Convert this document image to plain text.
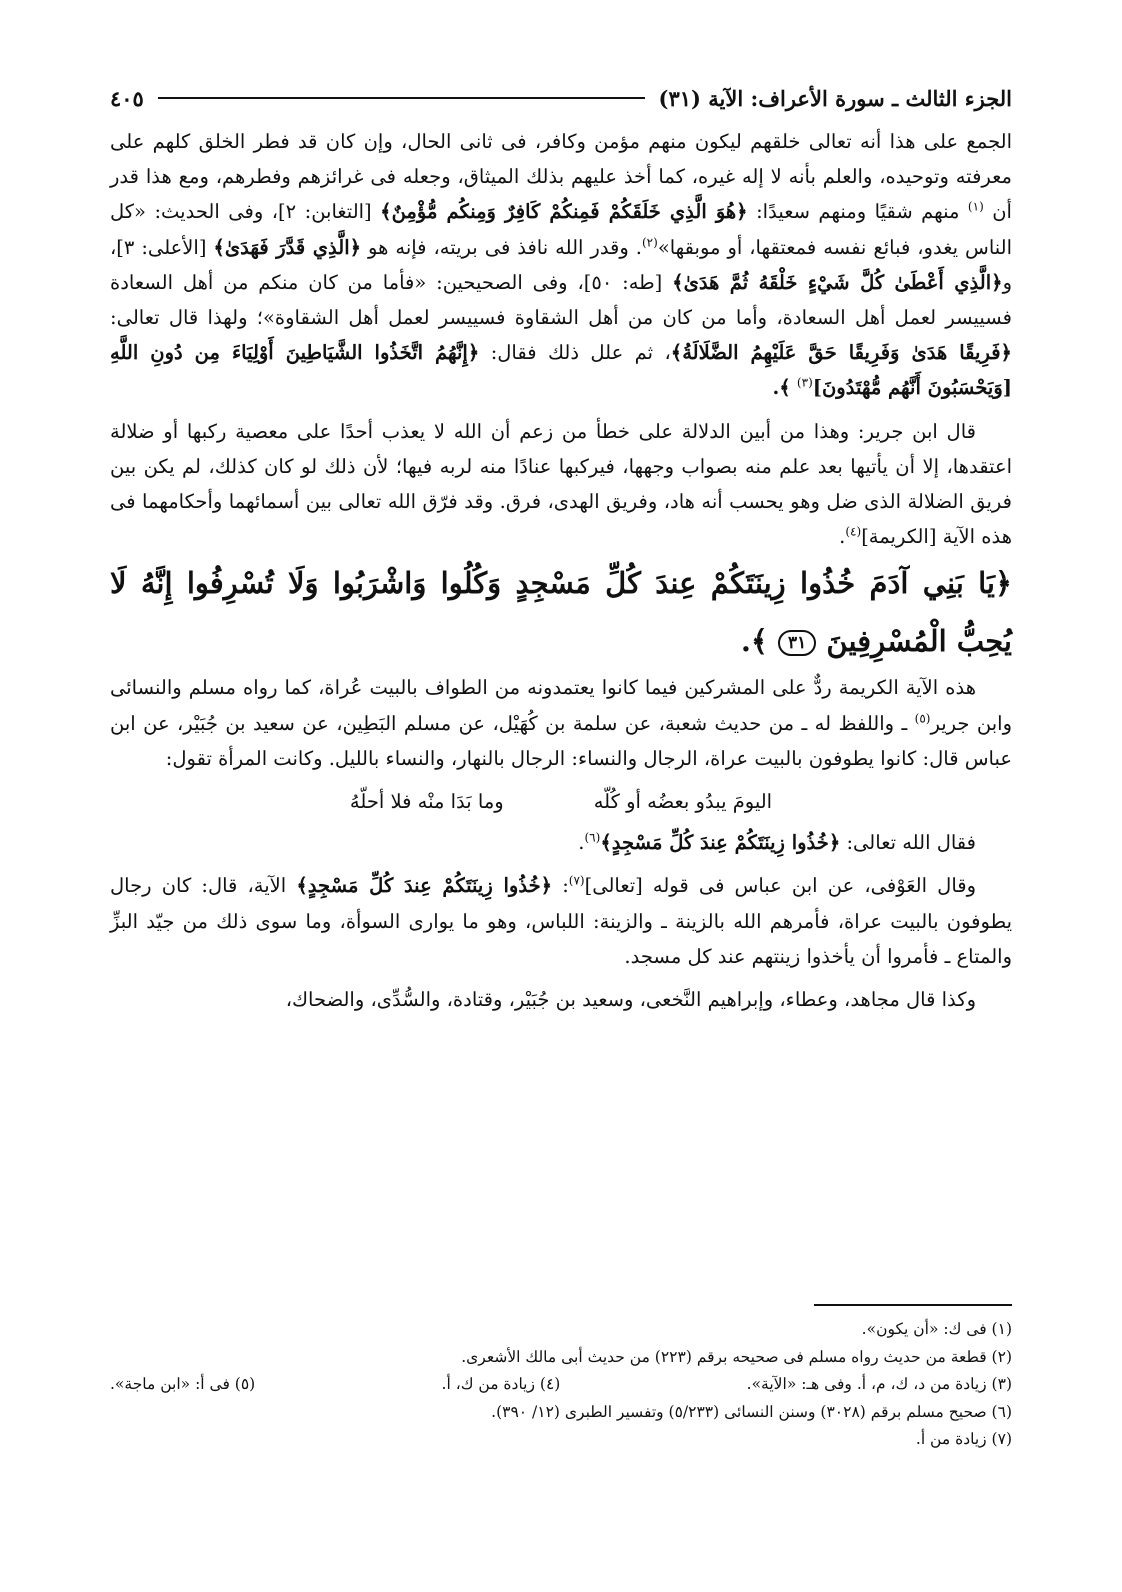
الجزء الثالث ـ سورة الأعراف: الآية (٣١)
٤٠٥

الجمع على هذا أنه تعالى خلقهم ليكون منهم مؤمن وكافر، فى ثانى الحال، وإن كان قد فطر الخلق كلهم على معرفته وتوحيده، والعلم بأنه لا إله غيره، كما أخذ عليهم بذلك الميثاق، وجعله فى غرائزهم وفطرهم، ومع هذا قدر أن $^{(١)}$ منهم شقيًا ومنهم سعيدًا: ﴿هُوَ الَّذِي خَلَقَكُمْ فَمِنكُمْ كَافِرٌ وَمِنكُم مُّؤْمِنٌ﴾ [التغابن: ٢]، وفى الحديث: «كل الناس يغدو، فبائع نفسه فمعتقها، أو موبقها»$^{(٢)}$. وقدر الله نافذ فى بريته، فإنه هو ﴿الَّذِي قَدَّرَ فَهَدَىٰ﴾ [الأعلى: ٣]، و﴿الَّذِي أَعْطَىٰ كُلَّ شَيْءٍ خَلْقَهُ ثُمَّ هَدَىٰ﴾ [طه: ٥٠]، وفى الصحيحين: «فأما من كان منكم من أهل السعادة فسييسر لعمل أهل السعادة، وأما من كان من أهل الشقاوة فسييسر لعمل أهل الشقاوة»؛ ولهذا قال تعالى: ﴿فَرِيقًا هَدَىٰ وَفَرِيقًا حَقَّ عَلَيْهِمُ الضَّلَالَةُ﴾، ثم علل ذلك فقال: ﴿إِنَّهُمُ اتَّخَذُوا الشَّيَاطِينَ أَوْلِيَاءَ مِن دُونِ اللَّهِ [وَيَحْسَبُونَ أَنَّهُم مُّهْتَدُونَ]$^{(٣)}$ ﴾.

قال ابن جرير: وهذا من أبين الدلالة على خطأ من زعم أن الله لا يعذب أحدًا على معصية ركبها أو ضلالة اعتقدها، إلا أن يأتيها بعد علم منه بصواب وجهها، فيركبها عنادًا منه لربه فيها؛ لأن ذلك لو كان كذلك، لم يكن بين فريق الضلالة الذى ضل وهو يحسب أنه هاد، وفريق الهدى، فرق. وقد فرّق الله تعالى بين أسمائهما وأحكامهما فى هذه الآية [الكريمة]$^{(٤)}$.

﴿يَا بَنِي آدَمَ خُذُوا زِينَتَكُمْ عِندَ كُلِّ مَسْجِدٍ وَكُلُوا وَاشْرَبُوا وَلَا تُسْرِفُوا إِنَّهُ لَا يُحِبُّ الْمُسْرِفِينَ ٣١ ﴾.

هذه الآية الكريمة ردٌّ على المشركين فيما كانوا يعتمدونه من الطواف بالبيت عُراة، كما رواه مسلم والنسائى وابن جرير$^{(٥)}$ ـ واللفظ له ـ من حديث شعبة، عن سلمة بن كُهَيْل، عن مسلم البَطِين، عن سعيد بن جُبَيْر، عن ابن عباس قال: كانوا يطوفون بالبيت عراة، الرجال والنساء: الرجال بالنهار، والنساء بالليل. وكانت المرأة تقول:

اليومَ يبدُو بعضُه أو كُلّه
وما بَدَا منْه فلا أحلّهُ

فقال الله تعالى: ﴿خُذُوا زِينَتَكُمْ عِندَ كُلِّ مَسْجِدٍ﴾$^{(٦)}$.

وقال العَوْفى، عن ابن عباس فى قوله [تعالى]$^{(٧)}$: ﴿خُذُوا زِينَتَكُمْ عِندَ كُلِّ مَسْجِدٍ﴾ الآية، قال: كان رجال يطوفون بالبيت عراة، فأمرهم الله بالزينة ـ والزينة: اللباس، وهو ما يوارى السوأة، وما سوى ذلك من جيّد البزِّ والمتاع ـ فأمروا أن يأخذوا زينتهم عند كل مسجد.

وكذا قال مجاهد، وعطاء، وإبراهيم النَّخعى، وسعيد بن جُبَيْر، وقتادة، والسُّدِّى، والضحاك،

(١) فى ك: «أن يكون».
(٢) قطعة من حديث رواه مسلم فى صحيحه برقم (٢٢٣) من حديث أبى مالك الأشعرى.
(٣) زيادة من د، ك، م، أ. وفى هـ: «الآية».
(٤) زيادة من ك، أ.
(٥) فى أ: «ابن ماجة».
(٦) صحيح مسلم برقم (٣٠٢٨) وسنن النسائى (٥/٢٣٣) وتفسير الطبرى (١٢/ ٣٩٠).
(٧) زيادة من أ.
